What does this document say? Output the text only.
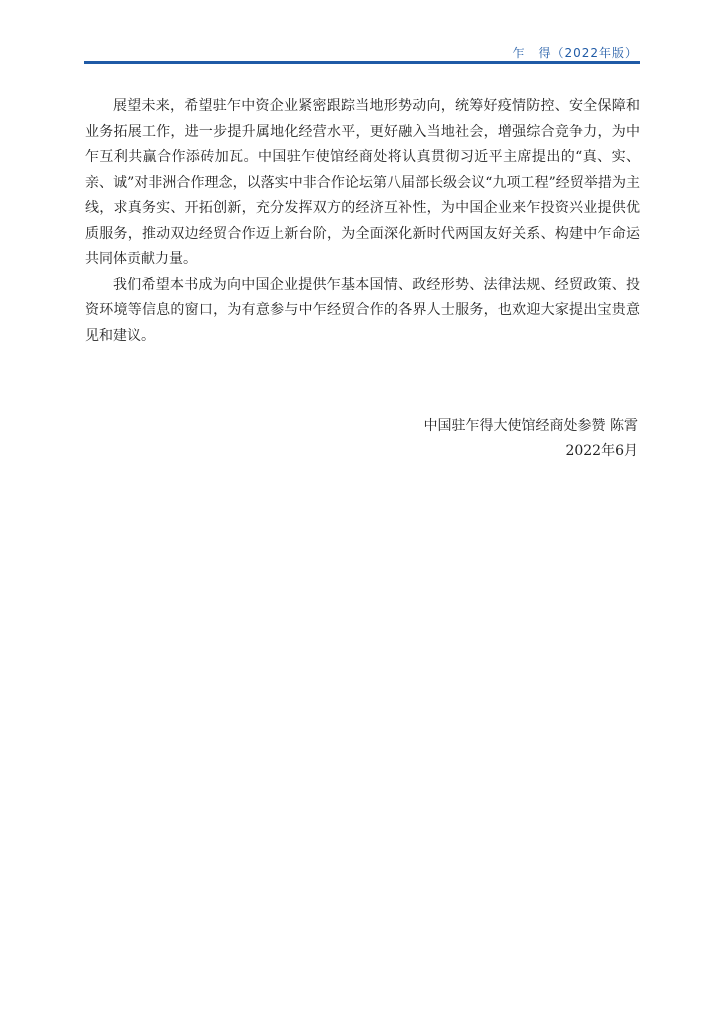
乍　得（2022年版）

展望未来，希望驻乍中资企业紧密跟踪当地形势动向，统筹好疫情防控、安全保障和业务拓展工作，进一步提升属地化经营水平，更好融入当地社会，增强综合竞争力，为中乍互利共赢合作添砖加瓦。中国驻乍使馆经商处将认真贯彻习近平主席提出的“真、实、亲、诚”对非洲合作理念，以落实中非合作论坛第八届部长级会议“九项工程”经贸举措为主线，求真务实、开拓创新，充分发挥双方的经济互补性，为中国企业来乍投资兴业提供优质服务，推动双边经贸合作迈上新台阶，为全面深化新时代两国友好关系、构建中乍命运共同体贡献力量。

我们希望本书成为向中国企业提供乍基本国情、政经形势、法律法规、经贸政策、投资环境等信息的窗口，为有意参与中乍经贸合作的各界人士服务，也欢迎大家提出宝贵意见和建议。

中国驻乍得大使馆经商处参赞 陈霄
2022年6月
